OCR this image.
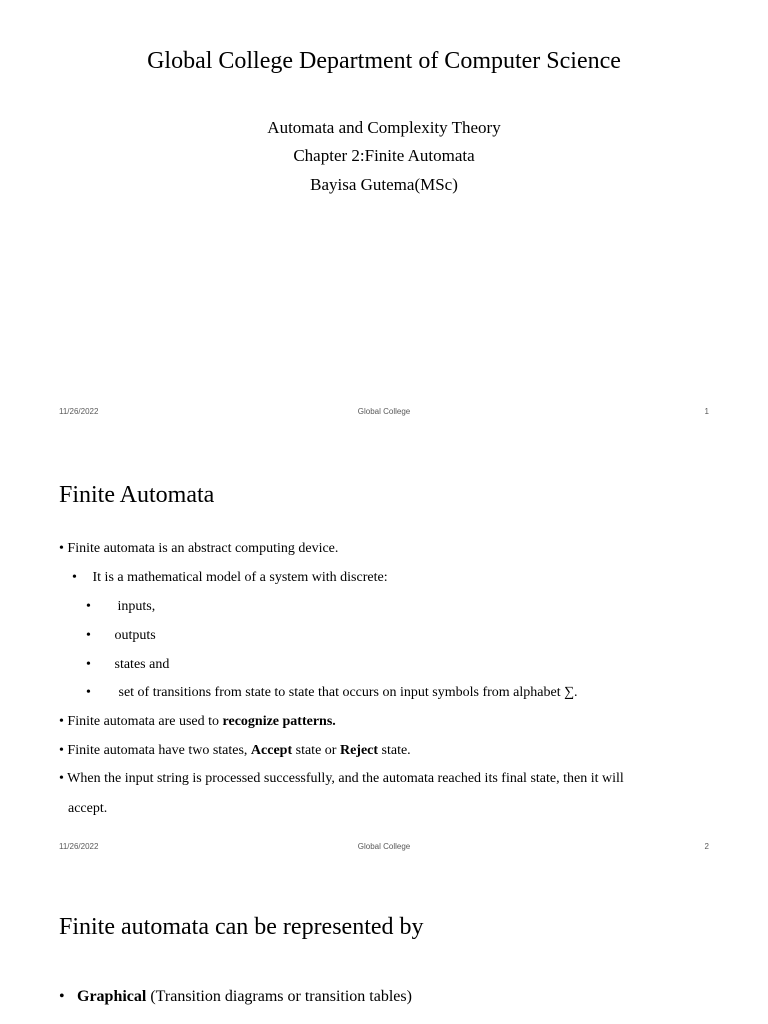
Global College Department of Computer Science
Automata and Complexity Theory
Chapter 2:Finite Automata
Bayisa Gutema(MSc)
11/26/2022	Global College	1
Finite Automata
• Finite automata is an abstract computing device.
• It is a mathematical model of a system with discrete:
• inputs,
• outputs
• states and
• set of transitions from state to state that occurs on input symbols from alphabet ∑.
• Finite automata are used to recognize patterns.
• Finite automata have two states, Accept state or Reject state.
• When the input string is processed successfully, and the automata reached its final state, then it will
accept.
11/26/2022	Global College	2
Finite automata can be represented by
• Graphical (Transition diagrams or transition tables)
